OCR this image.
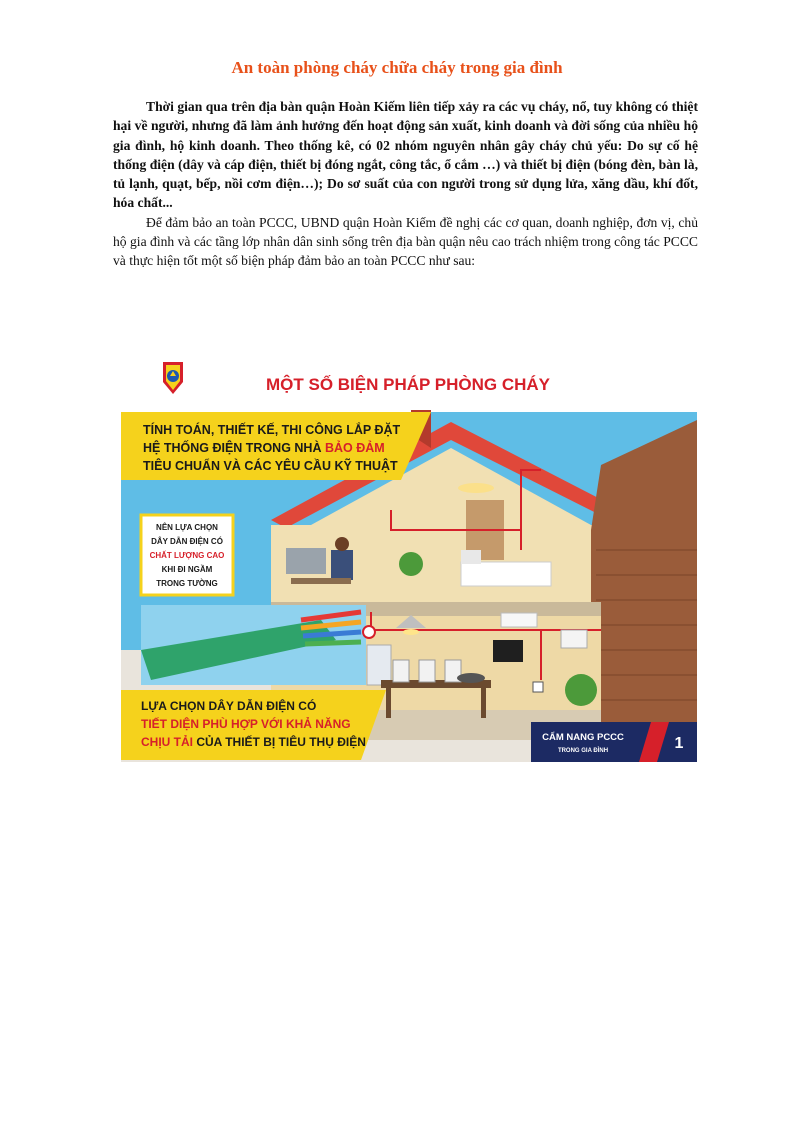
An toàn phòng cháy chữa cháy trong gia đình

Thời gian qua trên địa bàn quận Hoàn Kiếm liên tiếp xảy ra các vụ cháy, nổ, tuy không có thiệt hại về người, nhưng đã làm ảnh hưởng đến hoạt động sản xuất, kinh doanh và đời sống của nhiều hộ gia đình, hộ kinh doanh. Theo thống kê, có 02 nhóm nguyên nhân gây cháy chủ yếu: Do sự cố hệ thống điện (dây và cáp điện, thiết bị đóng ngắt, công tắc, ổ cắm …) và thiết bị điện (bóng đèn, bàn là, tủ lạnh, quạt, bếp, nồi cơm điện…); Do sơ suất của con người trong sử dụng lửa, xăng dầu, khí đốt, hóa chất...

Để đảm bảo an toàn PCCC, UBND quận Hoàn Kiếm đề nghị các cơ quan, doanh nghiệp, đơn vị, chủ hộ gia đình và các tầng lớp nhân dân sinh sống trên địa bàn quận nêu cao trách nhiệm trong công tác PCCC và thực hiện tốt một số biện pháp đảm bảo an toàn PCCC như sau:

MỘT SỐ BIỆN PHÁP PHÒNG CHÁY
TÍNH TOÁN, THIẾT KẾ, THI CÔNG LẮP ĐẶT
HỆ THỐNG ĐIỆN TRONG NHÀ BẢO ĐẢM
TIÊU CHUẨN VÀ CÁC YÊU CẦU KỸ THUẬT
NÊN LỰA CHỌN
DÂY DẪN ĐIỆN CÓ
CHẤT LƯỢNG CAO
KHI ĐI NGẦM
TRONG TƯỜNG
LỰA CHỌN DÂY DẪN ĐIỆN CÓ
TIẾT DIỆN PHÙ HỢP VỚI KHẢ NĂNG
CHỊU TẢI CỦA THIẾT BỊ TIÊU THỤ ĐIỆN	CẨM NANG PCCC
TRONG GIA ĐÌNH	1
